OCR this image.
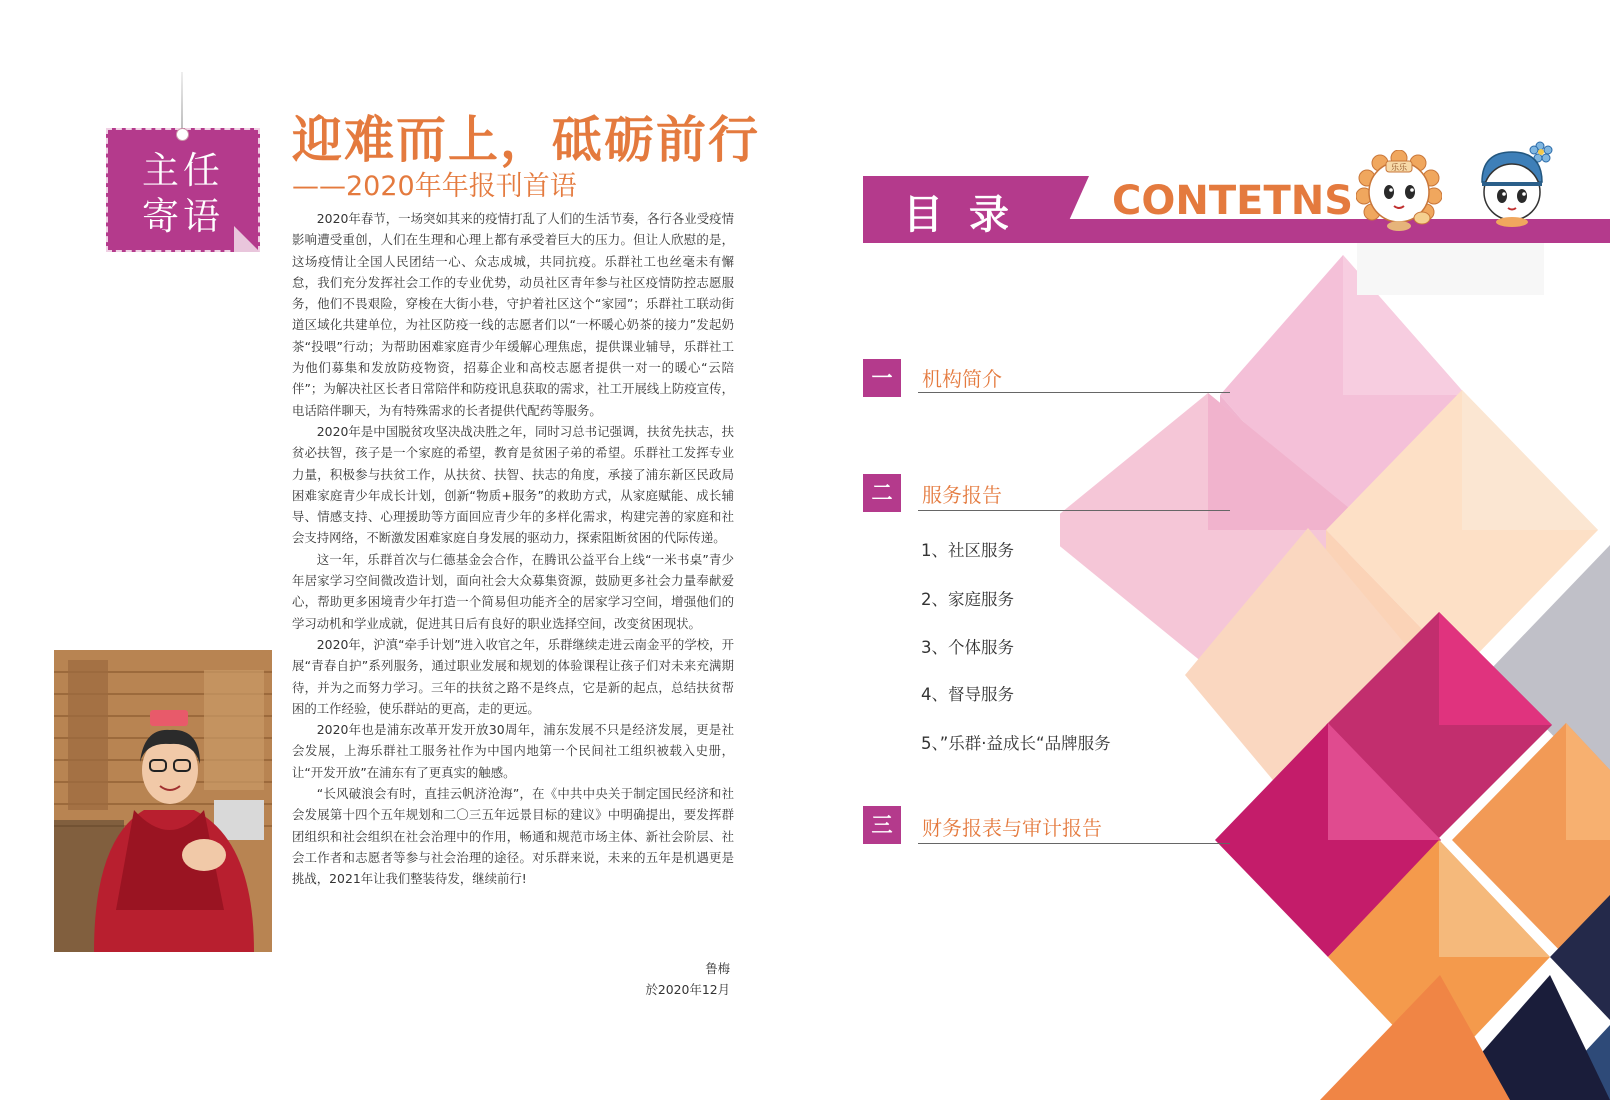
主任
寄语
迎难而上，砥砺前行
——2020年年报刊首语

2020年春节，一场突如其来的疫情打乱了人们的生活节奏，各行各业受疫情影响遭受重创，人们在生理和心理上都有承受着巨大的压力。但让人欣慰的是，这场疫情让全国人民团结一心、众志成城，共同抗疫。乐群社工也丝毫未有懈怠，我们充分发挥社会工作的专业优势，动员社区青年参与社区疫情防控志愿服务，他们不畏艰险，穿梭在大街小巷，守护着社区这个“家园”；乐群社工联动街道区域化共建单位，为社区防疫一线的志愿者们以“一杯暖心奶茶的接力”发起奶茶“投喂”行动；为帮助困难家庭青少年缓解心理焦虑，提供课业辅导，乐群社工为他们募集和发放防疫物资，招募企业和高校志愿者提供一对一的暖心“云陪伴”；为解决社区长者日常陪伴和防疫讯息获取的需求，社工开展线上防疫宣传，电话陪伴聊天，为有特殊需求的长者提供代配药等服务。

2020年是中国脱贫攻坚决战决胜之年，同时习总书记强调，扶贫先扶志，扶贫必扶智，孩子是一个家庭的希望，教育是贫困子弟的希望。乐群社工发挥专业力量，积极参与扶贫工作，从扶贫、扶智、扶志的角度，承接了浦东新区民政局困难家庭青少年成长计划，创新“物质+服务”的救助方式，从家庭赋能、成长辅导、情感支持、心理援助等方面回应青少年的多样化需求，构建完善的家庭和社会支持网络，不断激发困难家庭自身发展的驱动力，探索阻断贫困的代际传递。

这一年，乐群首次与仁德基金会合作，在腾讯公益平台上线“一米书桌”青少年居家学习空间微改造计划，面向社会大众募集资源，鼓励更多社会力量奉献爱心，帮助更多困境青少年打造一个简易但功能齐全的居家学习空间，增强他们的学习动机和学业成就，促进其日后有良好的职业选择空间，改变贫困现状。

2020年，沪滇“牵手计划”进入收官之年，乐群继续走进云南金平的学校，开展“青春自护”系列服务，通过职业发展和规划的体验课程让孩子们对未来充满期待，并为之而努力学习。三年的扶贫之路不是终点，它是新的起点，总结扶贫帮困的工作经验，使乐群站的更高，走的更远。

2020年也是浦东改革开发开放30周年，浦东发展不只是经济发展，更是社会发展，上海乐群社工服务社作为中国内地第一个民间社工组织被载入史册，让“开发开放”在浦东有了更真实的触感。

“长风破浪会有时，直挂云帆济沧海”，在《中共中央关于制定国民经济和社会发展第十四个五年规划和二〇三五年远景目标的建议》中明确提出，要发挥群团组织和社会组织在社会治理中的作用，畅通和规范市场主体、新社会阶层、社会工作者和志愿者等参与社会治理的途径。对乐群来说，未来的五年是机遇更是挑战，2021年让我们整装待发，继续前行!

鲁梅
於2020年12月
目录 CONTETNS
乐乐
群群
一	机构简介
二	服务报告
1、社区服务
2、家庭服务
3、个体服务
4、督导服务
5、”乐群·益成长“品牌服务
三	财务报表与审计报告
